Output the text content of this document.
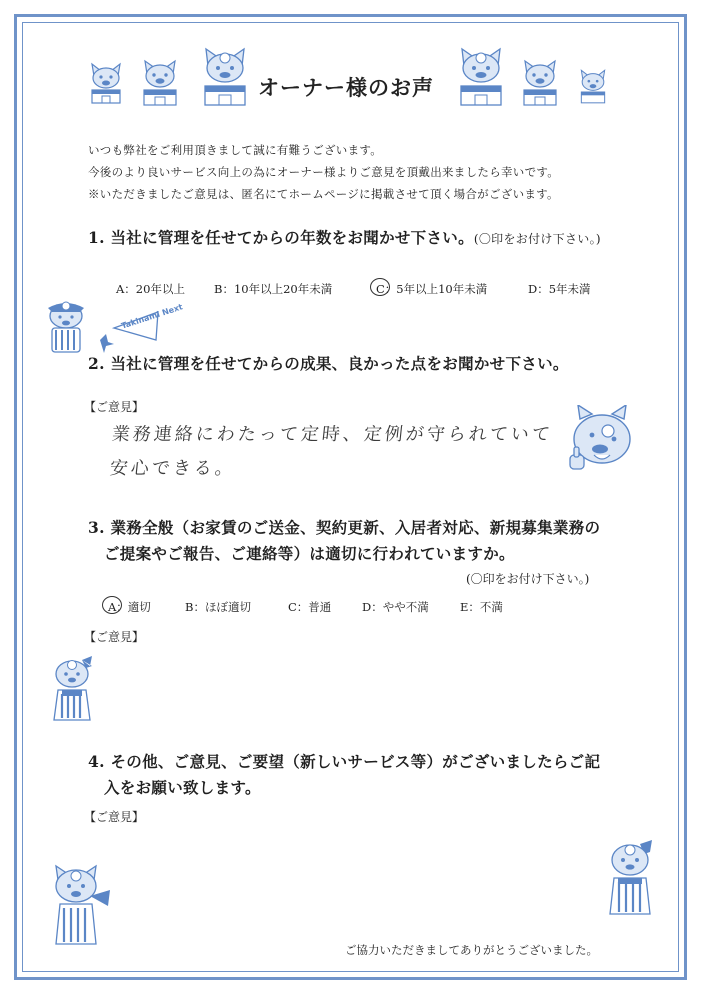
オーナー様のお声
いつも弊社をご利用頂きまして誠に有難うございます。
今後のより良いサービス向上の為にオーナー様よりご意見を頂戴出来ましたら幸いです。
※いただきましたご意見は、匿名にてホームページに掲載させて頂く場合がございます。
1. 当社に管理を任せてからの年数をお聞かせ下さい。(〇印をお付け下さい。)
A：20年以上	B：10年以上20年未満	C：5年以上10年未満	D：5年未満
Takinami Next
2. 当社に管理を任せてからの成果、良かった点をお聞かせ下さい。
【ご意見】
業務連絡にわたって定時、定例が守られていて
安心できる。
3. 業務全般（お家賃のご送金、契約更新、入居者対応、新規募集業務の
ご提案やご報告、ご連絡等）は適切に行われていますか。
(〇印をお付け下さい。)
A：適切	B：ほぼ適切	C：普通	D：やや不満	E：不満
【ご意見】
4. その他、ご意見、ご要望（新しいサービス等）がございましたらご記
入をお願い致します。
【ご意見】
ご協力いただきましてありがとうございました。
